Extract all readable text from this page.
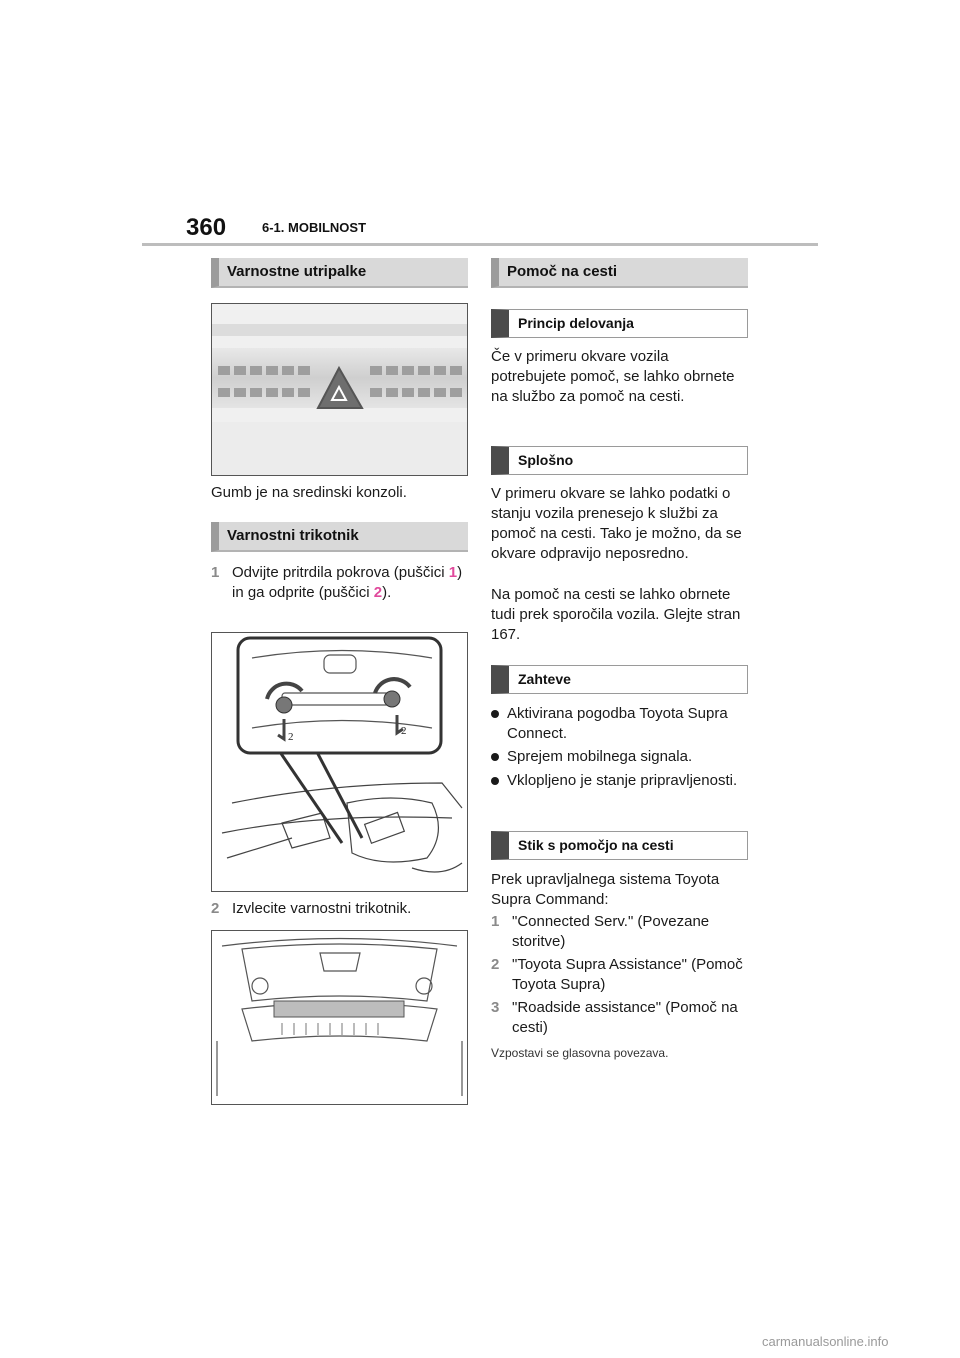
360	6-1. MOBILNOST
Varnostne utripalke
Gumb je na sredinski konzoli.
Varnostni trikotnik
1 Odvijte pritrdila pokrova (puščici 1) in ga odprite (puščici 2).
2	2
2 Izvlecite varnostni trikotnik.
Pomoč na cesti
Princip delovanja
Če v primeru okvare vozila potrebujete pomoč, se lahko obrnete na službo za pomoč na cesti.
Splošno
V primeru okvare se lahko podatki o stanju vozila prenesejo k službi za pomoč na cesti. Tako je možno, da se okvare odpravijo neposredno.
Na pomoč na cesti se lahko obrnete tudi prek sporočila vozila. Glejte stran 167.
Zahteve
Aktivirana pogodba Toyota Supra Connect.
Sprejem mobilnega signala.
Vklopljeno je stanje pripravljenosti.
Stik s pomočjo na cesti
Prek upravljalnega sistema Toyota Supra Command:
1 "Connected Serv." (Povezane storitve)
2 "Toyota Supra Assistance" (Pomoč Toyota Supra)
3 "Roadside assistance" (Pomoč na cesti)
Vzpostavi se glasovna povezava.
carmanualsonline.info
